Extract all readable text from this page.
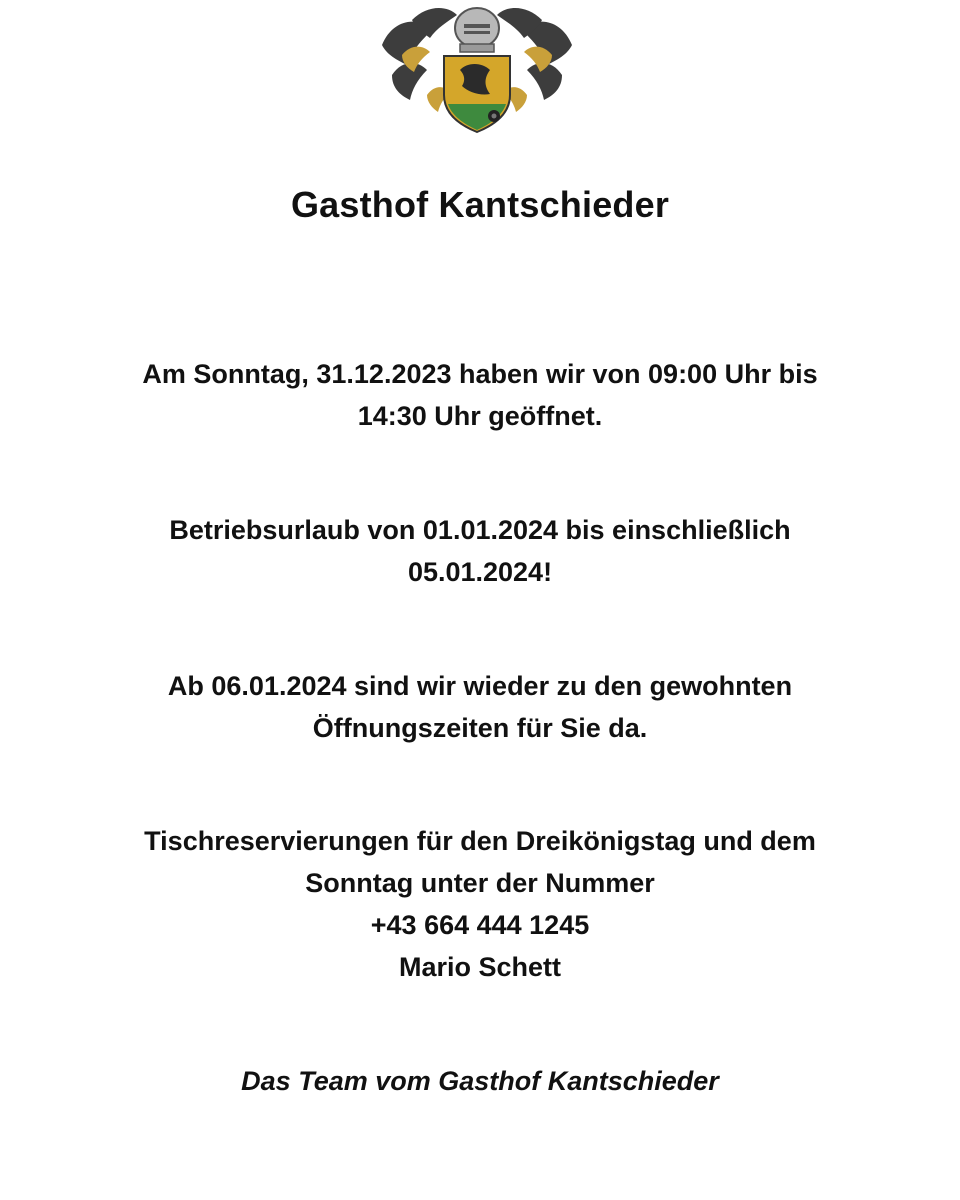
Gasthof Kantschieder
Am Sonntag, 31.12.2023 haben wir von 09:00 Uhr bis
14:30 Uhr geöffnet.
Betriebsurlaub von 01.01.2024 bis einschließlich
05.01.2024!
Ab 06.01.2024 sind wir wieder zu den gewohnten
Öffnungszeiten für Sie da.
Tischreservierungen für den Dreikönigstag und dem
Sonntag unter der Nummer
+43 664 444 1245
Mario Schett
Das Team vom Gasthof Kantschieder
